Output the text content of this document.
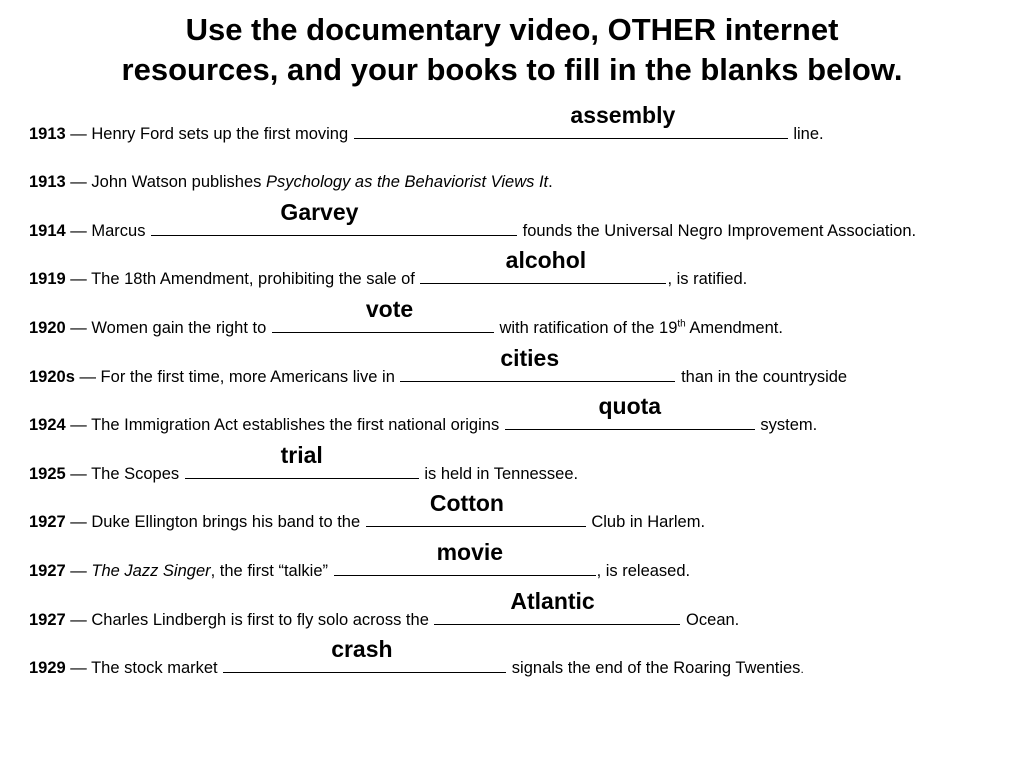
Use the documentary video, OTHER internet
resources, and your books to fill in the blanks below.
1913 — Henry Ford sets up the first moving
assembly
line.
1913 — John Watson publishes Psychology as the Behaviorist Views It.
1914 — Marcus
Garvey
founds the Universal Negro Improvement Association.
1919 — The 18th Amendment, prohibiting the sale of
alcohol
, is ratified.
1920 — Women gain the right to
vote
with ratification of the 19th Amendment.
1920s — For the first time, more Americans live in
cities
than in the countryside
1924 — The Immigration Act establishes the first national origins
quota
system.
1925 — The Scopes
trial
is held in Tennessee.
1927 — Duke Ellington brings his band to the
Cotton
Club in Harlem.
1927 — The Jazz Singer, the first “talkie”
movie
, is released.
1927 — Charles Lindbergh is first to fly solo across the
Atlantic
Ocean.
1929 — The stock market
crash
signals the end of the Roaring Twenties.
